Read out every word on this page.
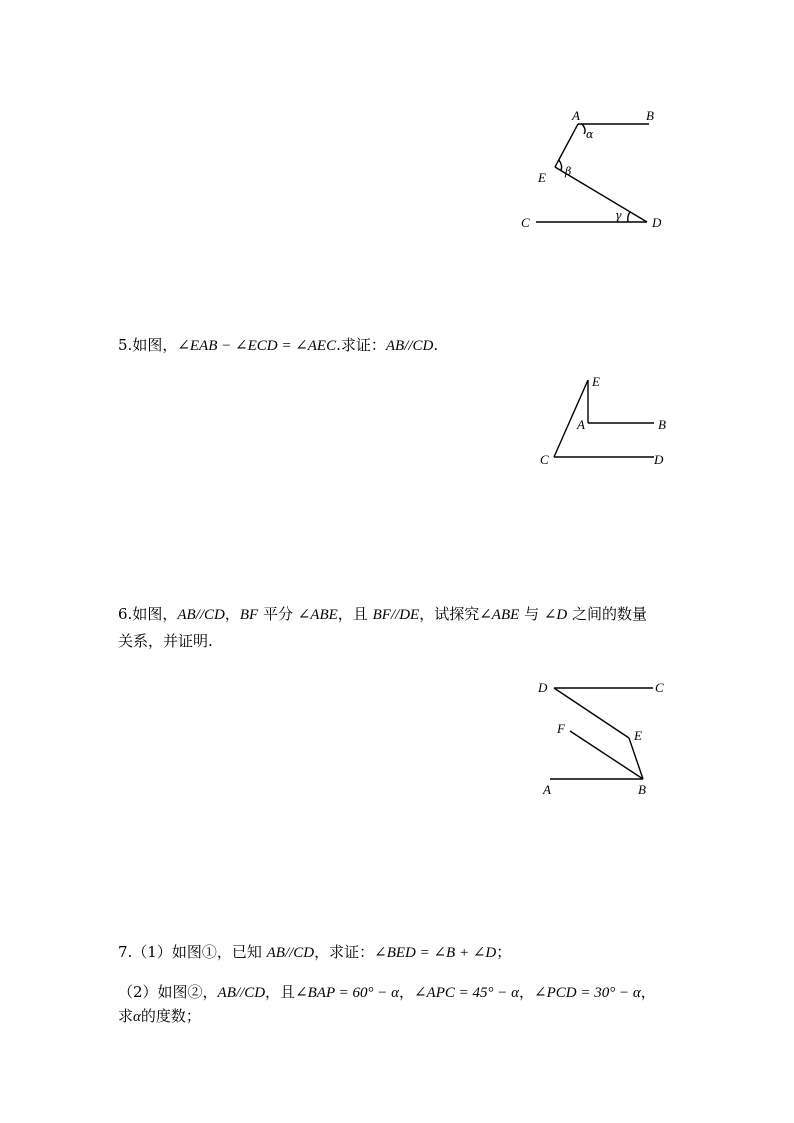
A	B
E
C	D
α
β
γ
5.如图，∠EAB − ∠ECD = ∠AEC.求证：AB//CD.
E
A	B
C	D
6.如图，AB//CD，BF 平分 ∠ABE，且 BF//DE，试探究∠ABE 与 ∠D 之间的数量
关系，并证明.
D	C
F	E
A	B
7.（1）如图①，已知 AB//CD，求证：∠BED = ∠B + ∠D；
（2）如图②，AB//CD，且∠BAP = 60° − α，∠APC = 45° − α，∠PCD = 30° − α，
求α的度数；
